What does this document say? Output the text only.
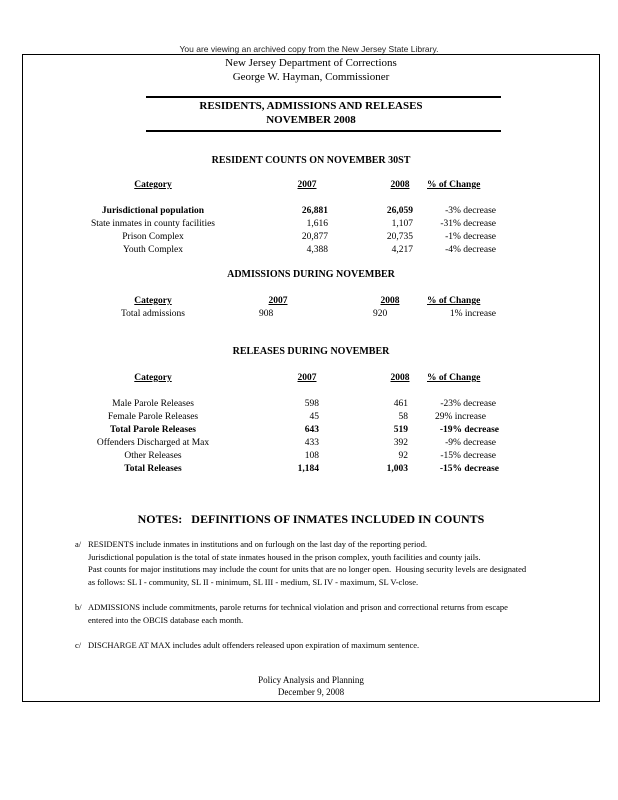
You are viewing an archived copy from the New Jersey State Library.
New Jersey Department of Corrections
George W. Hayman, Commissioner
RESIDENTS, ADMISSIONS AND RELEASES
NOVEMBER 2008
RESIDENT COUNTS ON NOVEMBER 30ST
Category	2007	2008	% of Change
Jurisdictional population	26,881	26,059	-3% decrease
State inmates in county facilities	1,616	1,107	-31% decrease
Prison Complex	20,877	20,735	-1% decrease
Youth Complex	4,388	4,217	-4% decrease
ADMISSIONS DURING NOVEMBER
Category	2007	2008	% of Change
Total admissions	908	920	1% increase
RELEASES DURING NOVEMBER
Category	2007	2008	% of Change
Male Parole Releases	598	461	-23% decrease
Female Parole Releases	45	58	29% increase
Total Parole Releases	643	519	-19% decrease
Offenders Discharged at Max	433	392	-9% decrease
Other Releases	108	92	-15% decrease
Total Releases	1,184	1,003	-15% decrease
NOTES:   DEFINITIONS OF INMATES INCLUDED IN COUNTS
a/ RESIDENTS include inmates in institutions and on furlough on the last day of the reporting period.
Jurisdictional population is the total of state inmates housed in the prison complex, youth facilities and county jails.
Past counts for major institutions may include the count for units that are no longer open.  Housing security levels are designated
as follows: SL I - community, SL II - minimum, SL III - medium, SL IV - maximum, SL V-close.
b/ ADMISSIONS include commitments, parole returns for technical violation and prison and correctional returns from escape
entered into the OBCIS database each month.
c/ DISCHARGE AT MAX includes adult offenders released upon expiration of maximum sentence.
Policy Analysis and Planning
December 9, 2008
